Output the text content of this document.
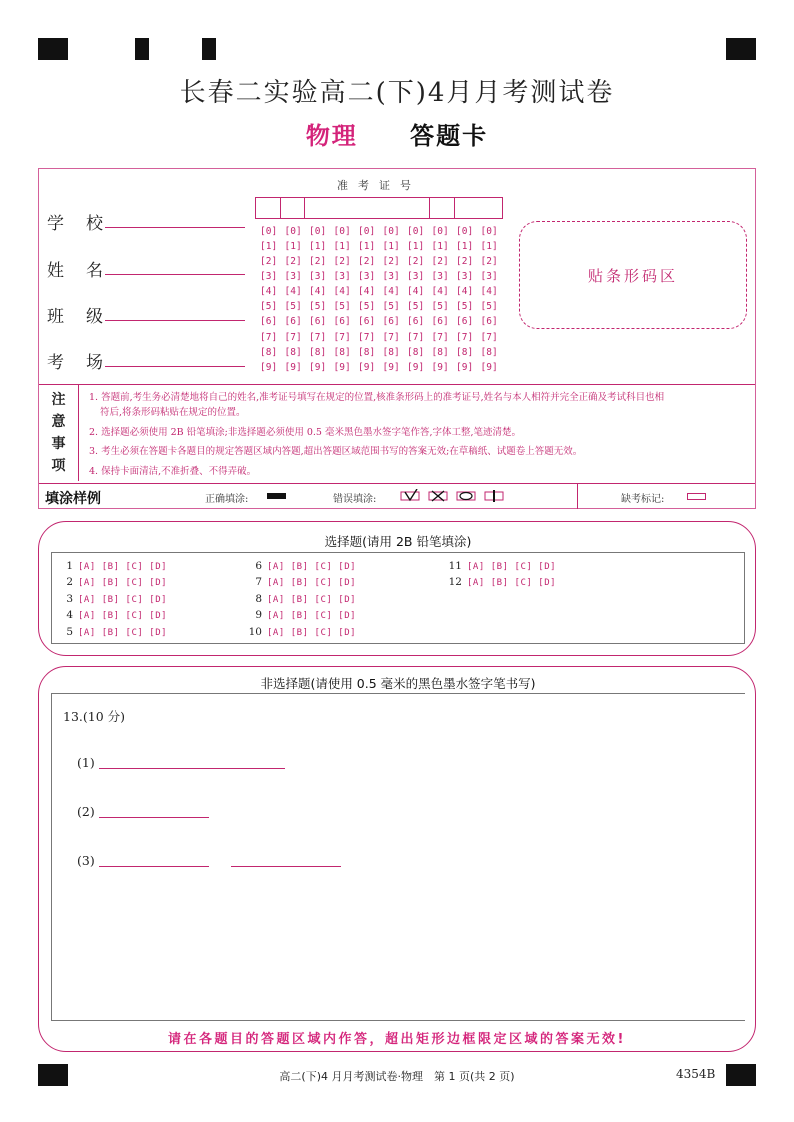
长春二实验高二(下)4月月考测试卷
物理 答题卡
学校
姓名
班级
考场
准考证号
[0] [0] [0] [0] [0] [0] [0] [0] [0] [0]
[1] [1] [1] [1] [1] [1] [1] [1] [1] [1]
[2] [2] [2] [2] [2] [2] [2] [2] [2] [2]
[3] [3] [3] [3] [3] [3] [3] [3] [3] [3]
[4] [4] [4] [4] [4] [4] [4] [4] [4] [4]
[5] [5] [5] [5] [5] [5] [5] [5] [5] [5]
[6] [6] [6] [6] [6] [6] [6] [6] [6] [6]
[7] [7] [7] [7] [7] [7] [7] [7] [7] [7]
[8] [8] [8] [8] [8] [8] [8] [8] [8] [8]
[9] [9] [9] [9] [9] [9] [9] [9] [9] [9]
贴条形码区
注
意
事
项
1. 答题前,考生务必清楚地将自己的姓名,准考证号填写在规定的位置,核准条形码上的准考证号,姓名与本人相符并完全正确及考试科目也相
符后,将条形码粘贴在规定的位置。
2. 选择题必须使用 2B 铅笔填涂;非选择题必须使用 0.5 毫米黑色墨水签字笔作答,字体工整,笔迹清楚。
3. 考生必须在答题卡各题目的规定答题区域内答题,超出答题区域范围书写的答案无效;在草稿纸、试题卷上答题无效。
4. 保持卡面清洁,不准折叠、不得弄破。
填涂样例	正确填涂:	错误填涂:	缺考标记:
选择题(请用 2B 铅笔填涂)
1 [A] [B] [C] [D]
2 [A] [B] [C] [D]
3 [A] [B] [C] [D]
4 [A] [B] [C] [D]
5 [A] [B] [C] [D]
6 [A] [B] [C] [D]
7 [A] [B] [C] [D]
8 [A] [B] [C] [D]
9 [A] [B] [C] [D]
10 [A] [B] [C] [D]
11 [A] [B] [C] [D]
12 [A] [B] [C] [D]
非选择题(请使用 0.5 毫米的黑色墨水签字笔书写)
13.(10 分)
(1)
(2)
(3)
请在各题目的答题区域内作答，超出矩形边框限定区域的答案无效!
高二(下)4 月月考测试卷·物理　第 1 页(共 2 页)	4354B
